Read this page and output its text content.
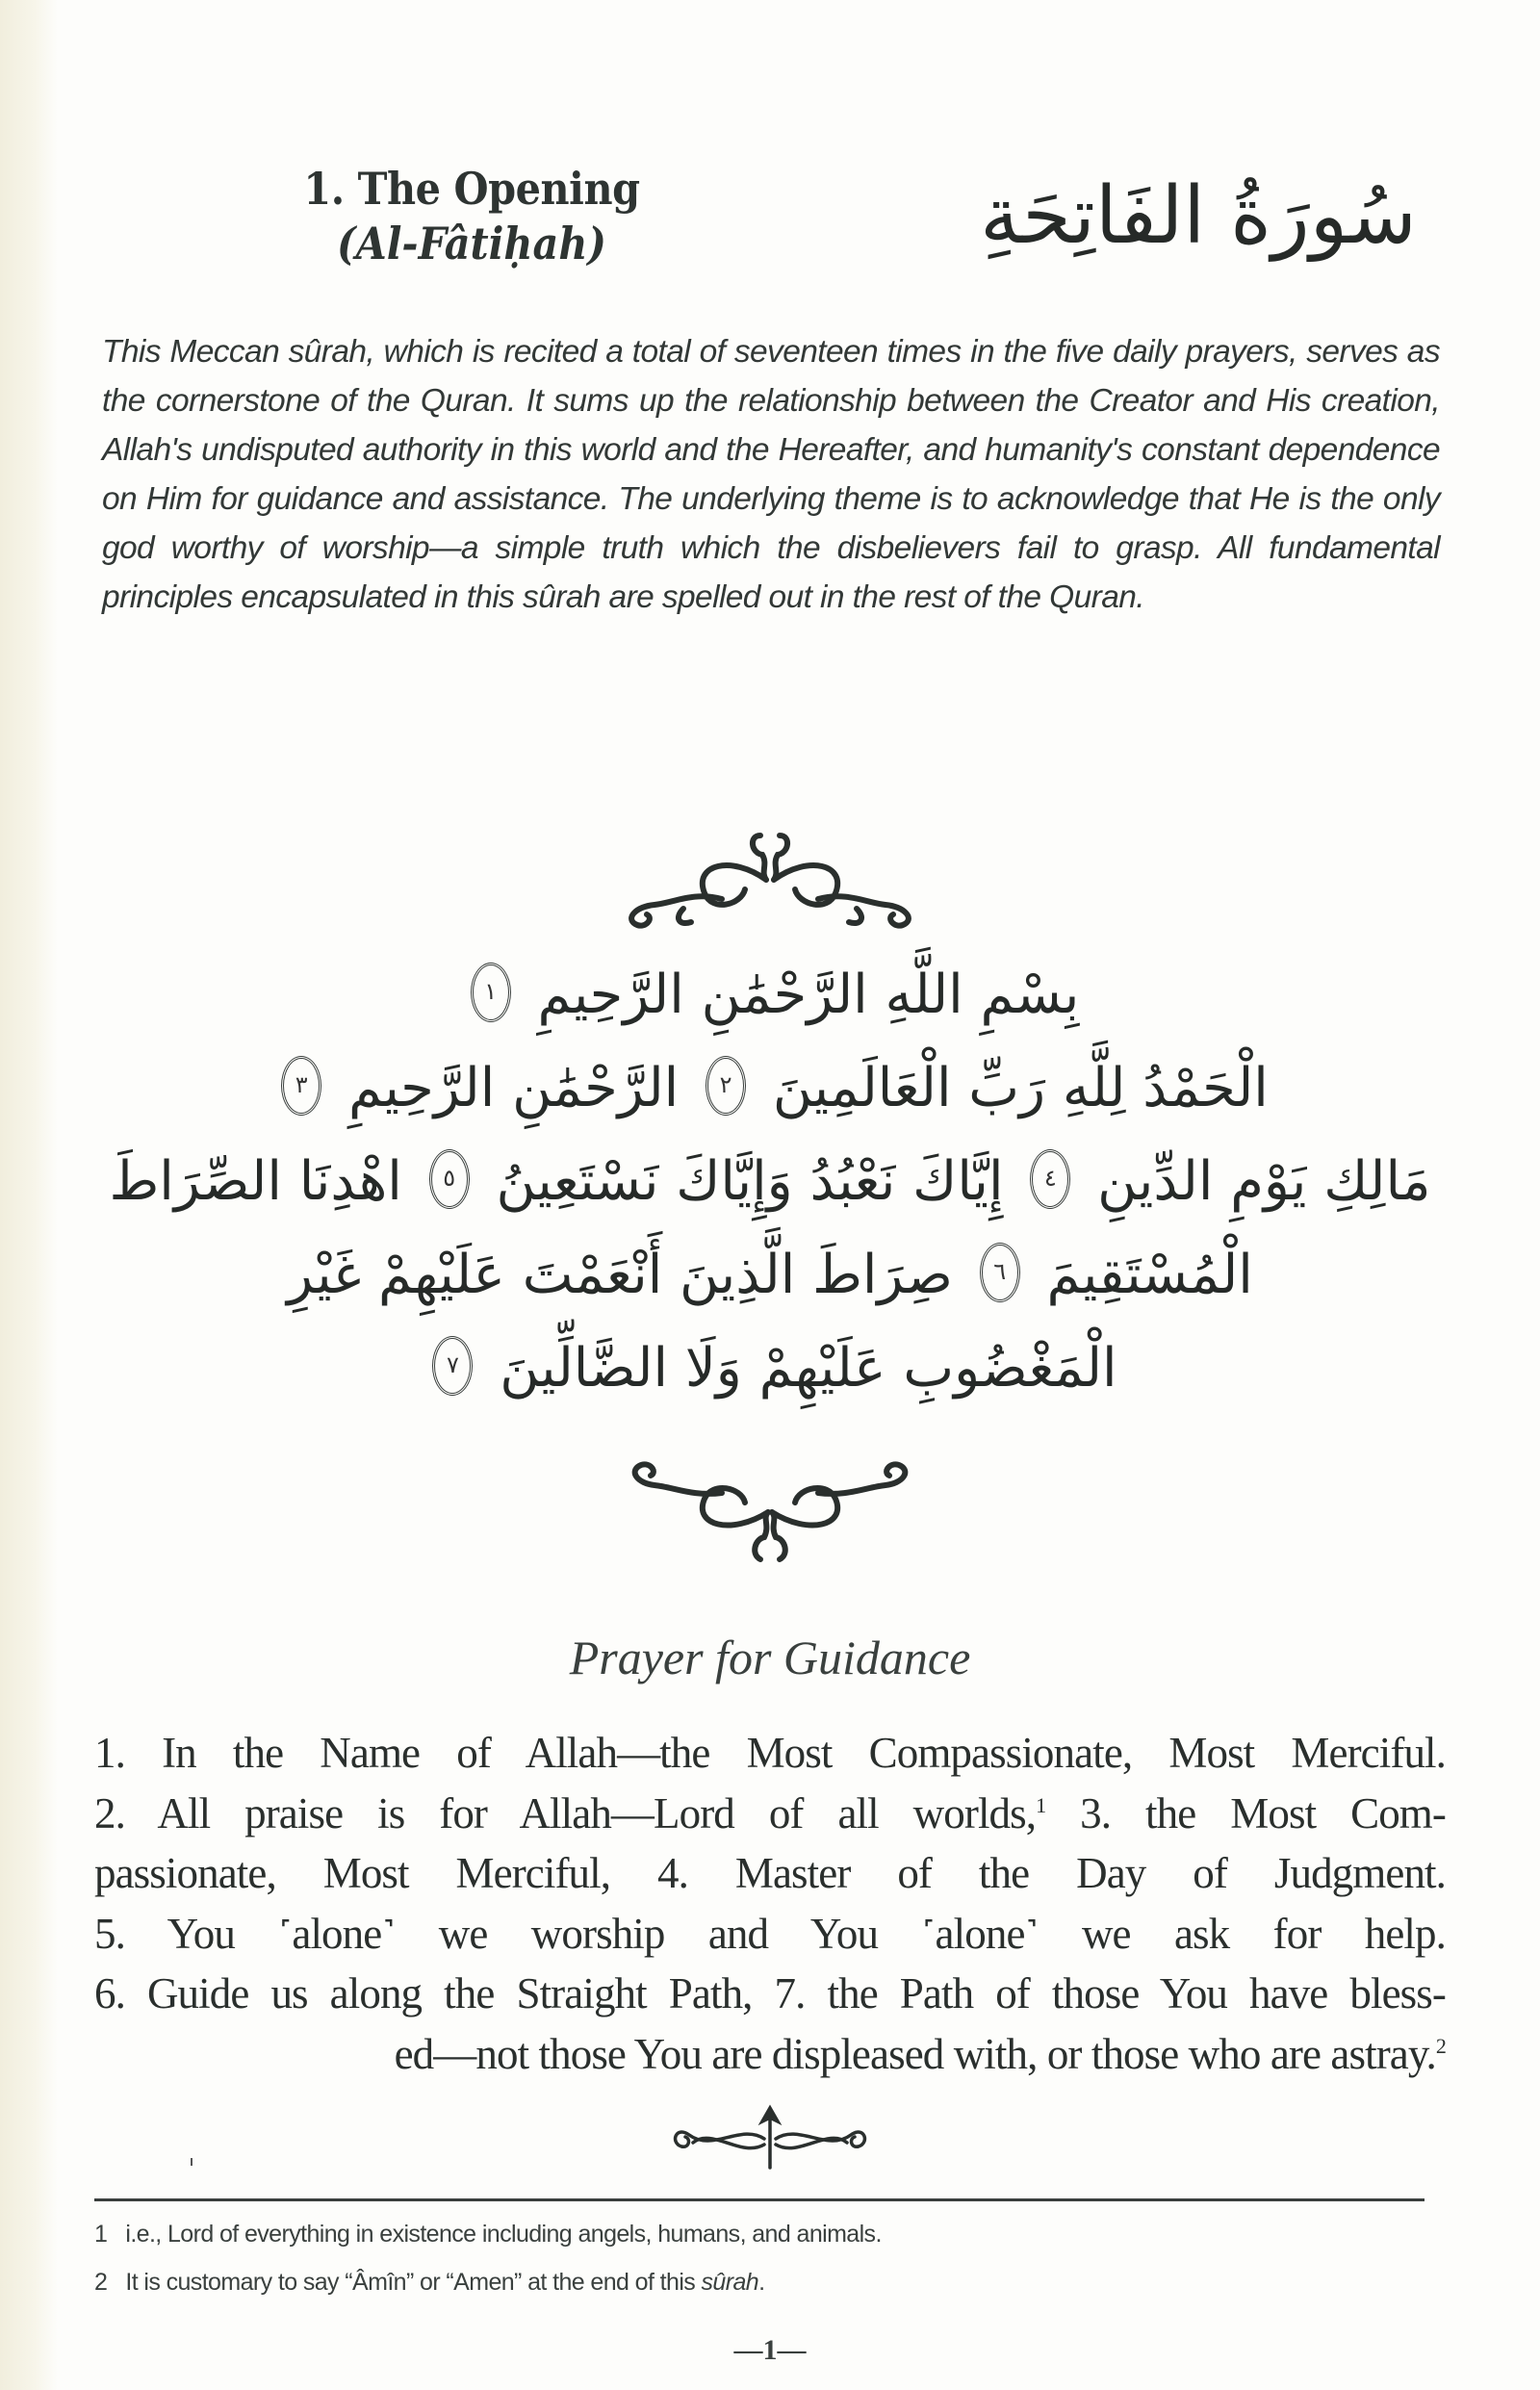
1. The Opening
(Al-Fâtiḥah)	سُورَةُ الفَاتِحَةِ

This Meccan sûrah, which is recited a total of seventeen times in the five daily prayers, serves as the cornerstone of the Quran. It sums up the relationship between the Creator and His creation, Allah's undisputed authority in this world and the Hereafter, and humanity's constant dependence on Him for guidance and assistance. The underlying theme is to acknowledge that He is the only god worthy of worship—a simple truth which the disbelievers fail to grasp. All fundamental principles encapsulated in this sûrah are spelled out in the rest of the Quran.

بِسْمِ اللَّهِ الرَّحْمَٰنِ الرَّحِيمِ ١
الْحَمْدُ لِلَّهِ رَبِّ الْعَالَمِينَ ٢ الرَّحْمَٰنِ الرَّحِيمِ ٣
مَالِكِ يَوْمِ الدِّينِ ٤ إِيَّاكَ نَعْبُدُ وَإِيَّاكَ نَسْتَعِينُ ٥ اهْدِنَا الصِّرَاطَ
الْمُسْتَقِيمَ ٦ صِرَاطَ الَّذِينَ أَنْعَمْتَ عَلَيْهِمْ غَيْرِ
الْمَغْضُوبِ عَلَيْهِمْ وَلَا الضَّالِّينَ ٧
Prayer for Guidance
1. In the Name of Allah—the Most Compassionate, Most Merciful.
2. All praise is for Allah—Lord of all worlds,$^1$ 3. the Most Com-
passionate, Most Merciful, 4. Master of the Day of Judgment.
5. You ˹alone˺ we worship and You ˹alone˺ we ask for help.
6. Guide us along the Straight Path, 7. the Path of those You have bless-
ed—not those You are displeased with, or those who are astray.$^2$
1 i.e., Lord of everything in existence including angels, humans, and animals.
2 It is customary to say “Âmîn” or “Amen” at the end of this sûrah.
—1—
